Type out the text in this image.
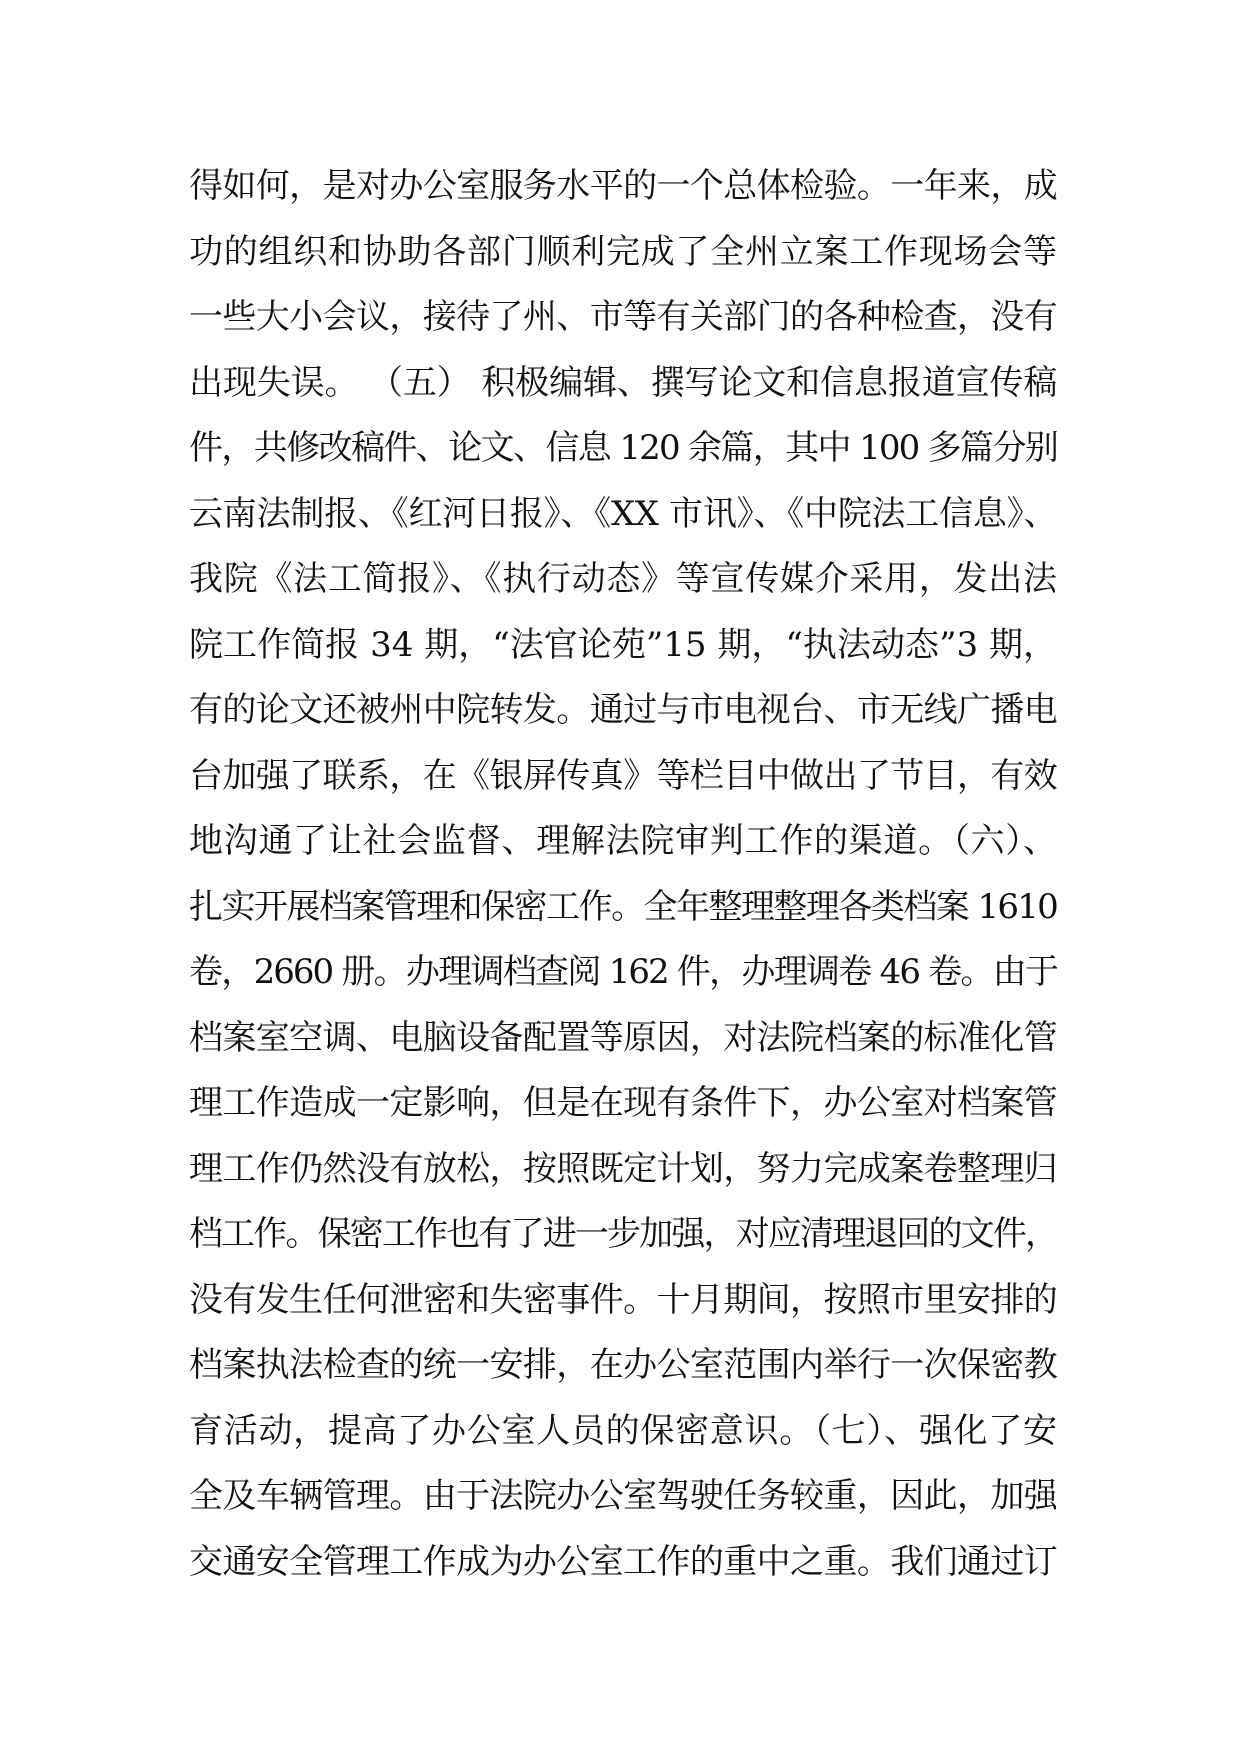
得如何，是对办公室服务水平的一个总体检验。一年来，成
功的组织和协助各部门顺利完成了全州立案工作现场会等
一些大小会议，接待了州、市等有关部门的各种检查，没有
出现失误。 （五） 积极编辑、撰写论文和信息报道宣传稿
件，共修改稿件、论文、信息 120 余篇，其中 100 多篇分别
云南法制报、《红河日报》、《XX 市讯》、《中院法工信息》、
我院《法工简报》、《执行动态》等宣传媒介采用，发出法
院工作简报 34 期，“法官论苑”15 期，“执法动态”3 期，
有的论文还被州中院转发。通过与市电视台、市无线广播电
台加强了联系，在《银屏传真》等栏目中做出了节目，有效
地沟通了让社会监督、理解法院审判工作的渠道。（六）、
扎实开展档案管理和保密工作。全年整理整理各类档案 1610
卷，2660 册。办理调档查阅 162 件，办理调卷 46 卷。由于
档案室空调、电脑设备配置等原因，对法院档案的标准化管
理工作造成一定影响，但是在现有条件下，办公室对档案管
理工作仍然没有放松，按照既定计划，努力完成案卷整理归
档工作。保密工作也有了进一步加强，对应清理退回的文件，
没有发生任何泄密和失密事件。十月期间，按照市里安排的
档案执法检查的统一安排，在办公室范围内举行一次保密教
育活动，提高了办公室人员的保密意识。（七）、强化了安
全及车辆管理。由于法院办公室驾驶任务较重，因此，加强
交通安全管理工作成为办公室工作的重中之重。我们通过订
